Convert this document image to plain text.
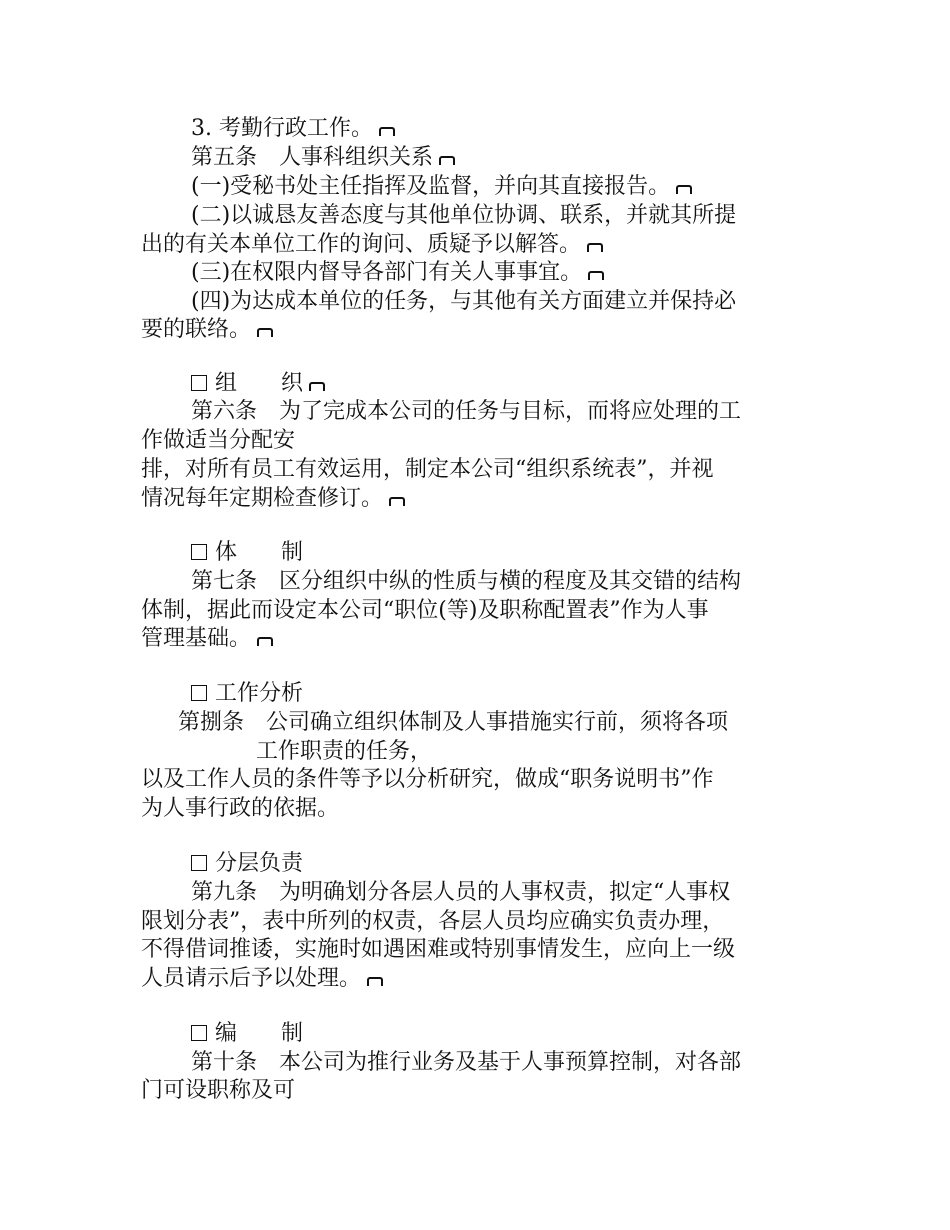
3. 考勤行政工作。
第五条　人事科组织关系
(一)受秘书处主任指挥及监督，并向其直接报告。
(二)以诚恳友善态度与其他单位协调、联系，并就其所提
出的有关本单位工作的询问、质疑予以解答。
(三)在权限内督导各部门有关人事事宜。
(四)为达成本单位的任务，与其他有关方面建立并保持必
要的联络。
组　　织
第六条　为了完成本公司的任务与目标，而将应处理的工
作做适当分配安
排，对所有员工有效运用，制定本公司“组织系统表”，并视
情况每年定期检查修订。
体　　制
第七条　区分组织中纵的性质与横的程度及其交错的结构
体制，据此而设定本公司“职位(等)及职称配置表”作为人事
管理基础。
工作分析
第捌条　公司确立组织体制及人事措施实行前，须将各项
工作职责的任务，
以及工作人员的条件等予以分析研究，做成“职务说明书”作
为人事行政的依据。
分层负责
第九条　为明确划分各层人员的人事权责，拟定“人事权
限划分表”，表中所列的权责，各层人员均应确实负责办理，
不得借词推诿，实施时如遇困难或特别事情发生，应向上一级
人员请示后予以处理。
编　　制
第十条　本公司为推行业务及基于人事预算控制，对各部
门可设职称及可
